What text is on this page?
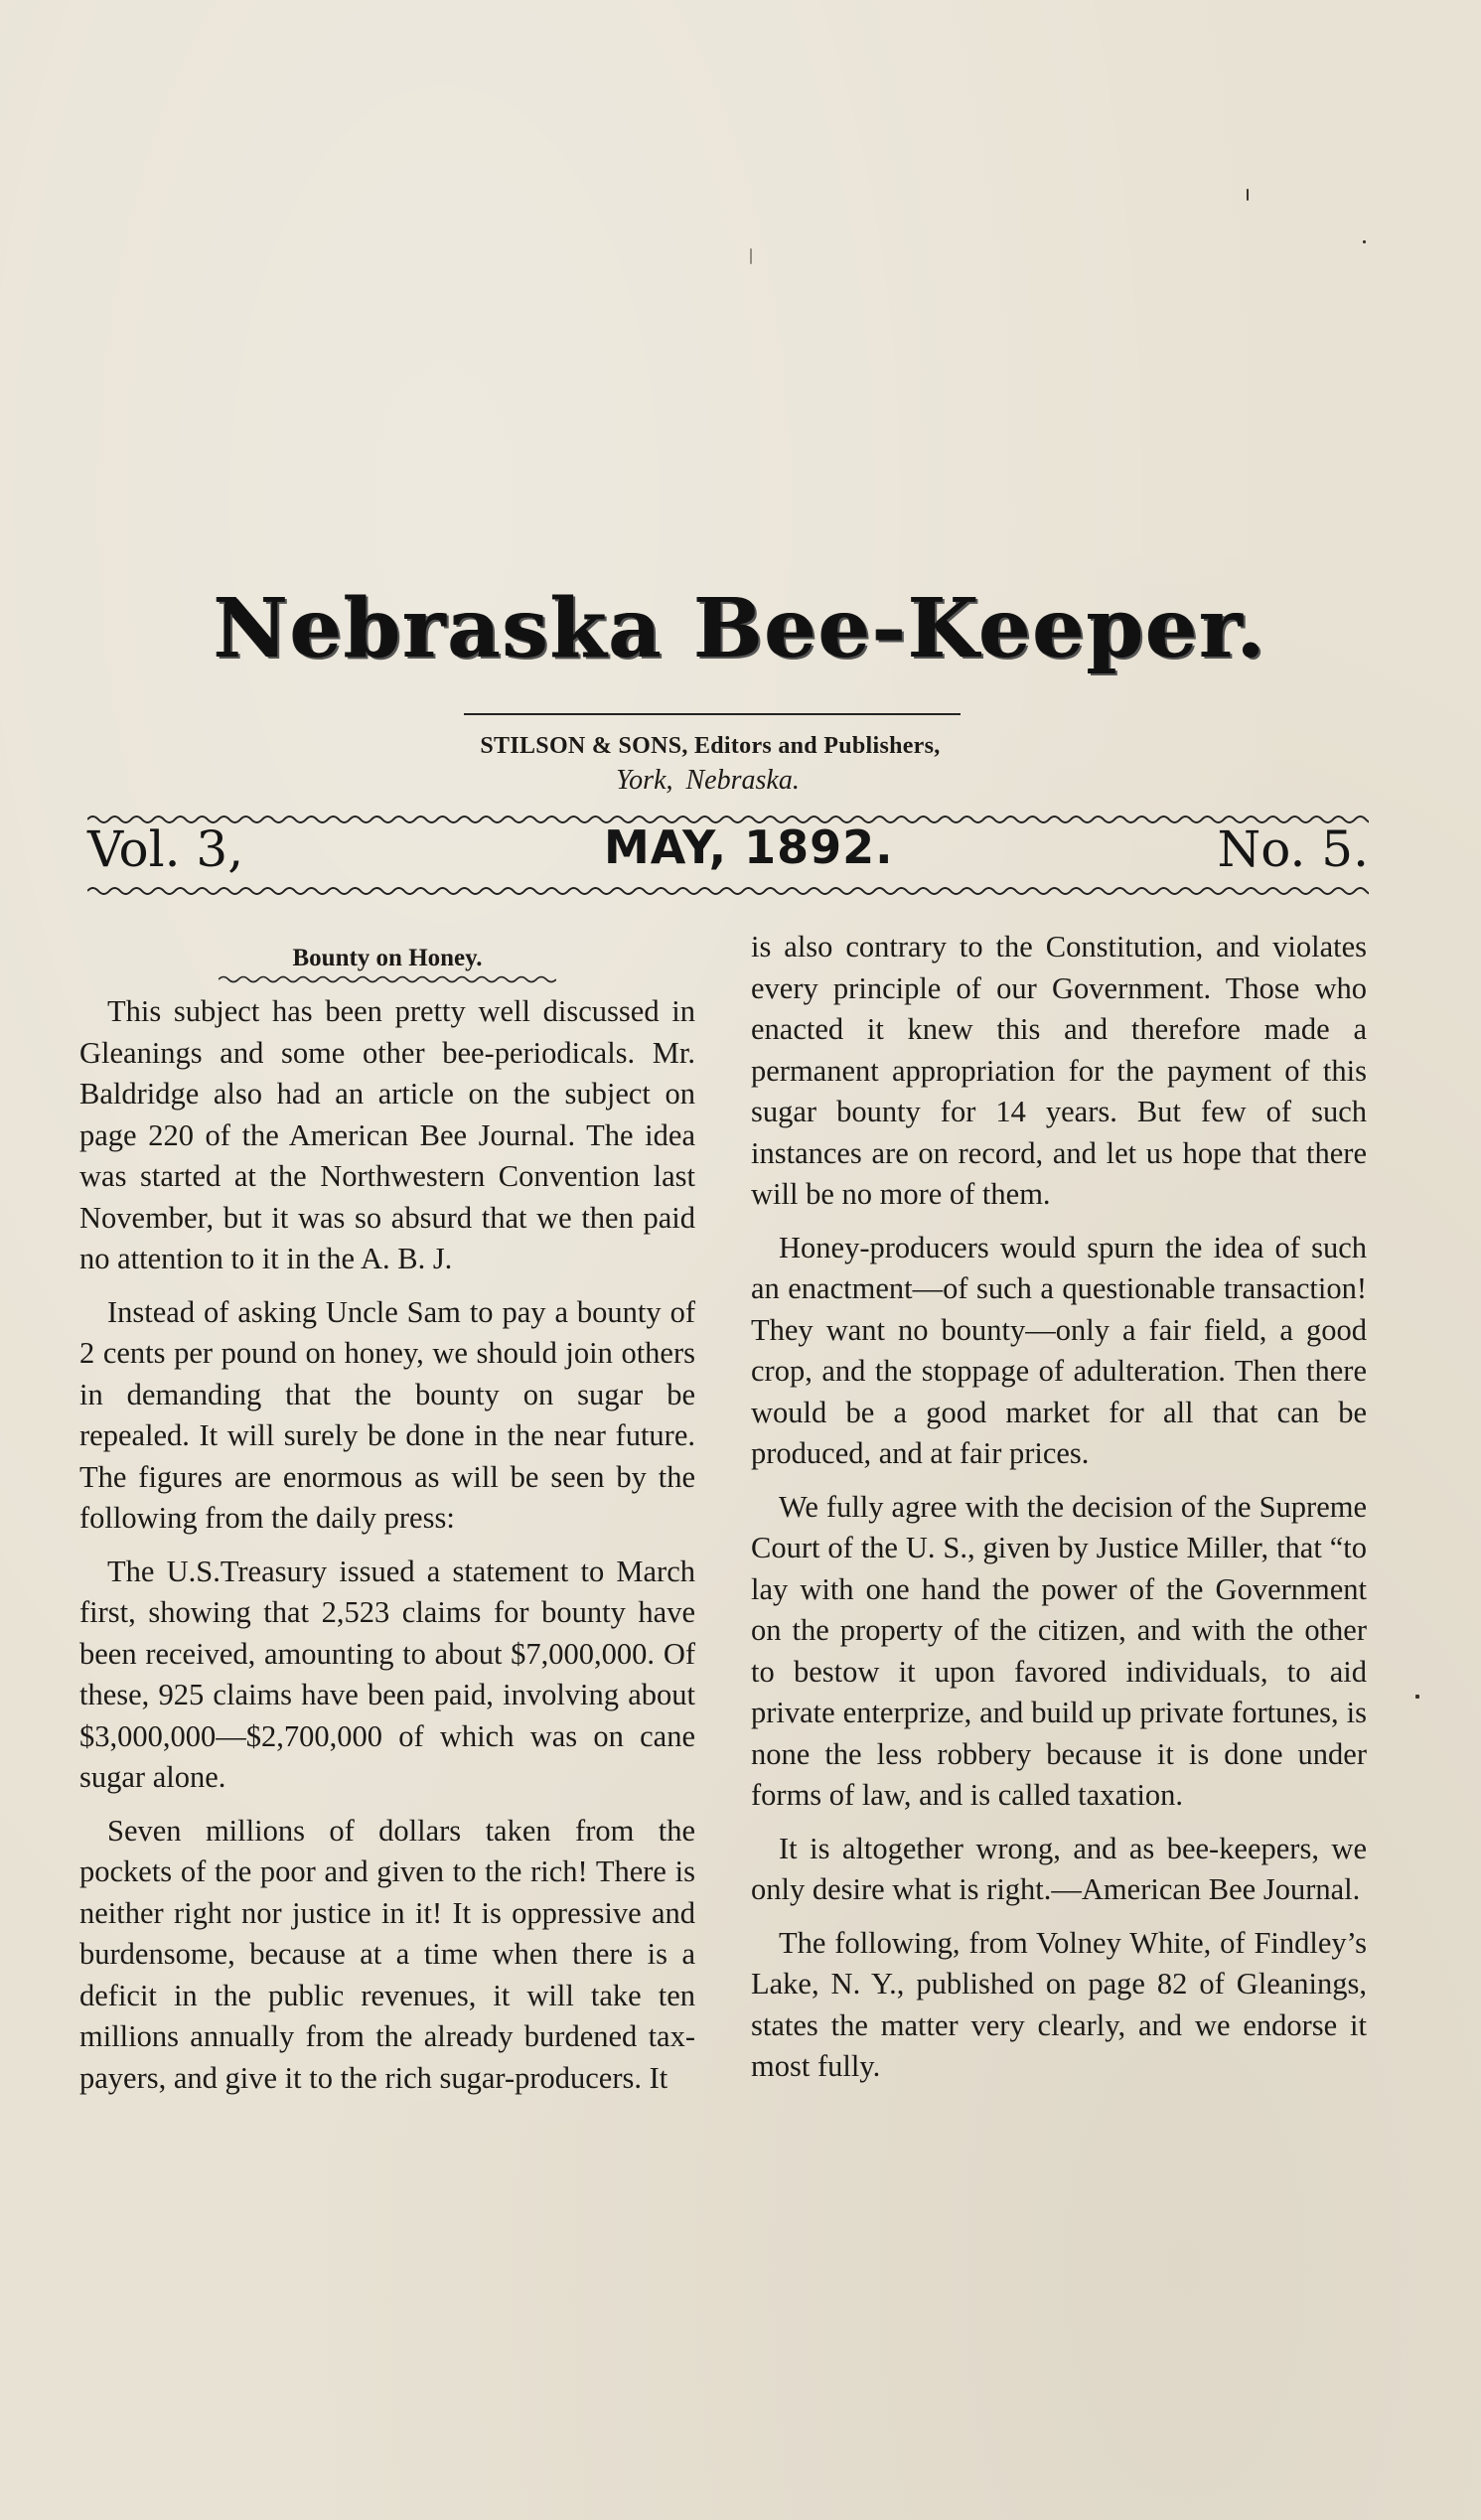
Nebraska Bee-Keeper.
STILSON & SONS, Editors and Publishers,
York, Nebraska.
Vol. 3,	MAY, 1892.	No. 5.

Bounty on Honey.

This subject has been pretty well discussed in Gleanings and some other bee-periodicals. Mr. Baldridge also had an article on the subject on page 220 of the American Bee Journal. The idea was started at the Northwestern Convention last November, but it was so absurd that we then paid no attention to it in the A. B. J.

Instead of asking Uncle Sam to pay a bounty of 2 cents per pound on honey, we should join others in demanding that the bounty on sugar be repealed. It will surely be done in the near future. The figures are enormous as will be seen by the following from the daily press:

The U.S.Treasury issued a statement to March first, showing that 2,523 claims for bounty have been received, amounting to about $7,000,000. Of these, 925 claims have been paid, involving about $3,000,000—$2,700,000 of which was on cane sugar alone.

Seven millions of dollars taken from the pockets of the poor and given to the rich! There is neither right nor justice in it! It is oppressive and burdensome, because at a time when there is a deficit in the public revenues, it will take ten millions annually from the already burdened tax-payers, and give it to the rich sugar-producers. It

is also contrary to the Constitution, and violates every principle of our Government. Those who enacted it knew this and therefore made a permanent appropriation for the payment of this sugar bounty for 14 years. But few of such instances are on record, and let us hope that there will be no more of them.

Honey-producers would spurn the idea of such an enactment—of such a questionable transaction! They want no bounty—only a fair field, a good crop, and the stoppage of adulteration. Then there would be a good market for all that can be produced, and at fair prices.

We fully agree with the decision of the Supreme Court of the U. S., given by Justice Miller, that “to lay with one hand the power of the Government on the property of the citizen, and with the other to bestow it upon favored individuals, to aid private enterprize, and build up private fortunes, is none the less robbery because it is done under forms of law, and is called taxation.

It is altogether wrong, and as bee-keepers, we only desire what is right.—American Bee Journal.

The following, from Volney White, of Findley’s Lake, N. Y., published on page 82 of Gleanings, states the matter very clearly, and we endorse it most fully.
